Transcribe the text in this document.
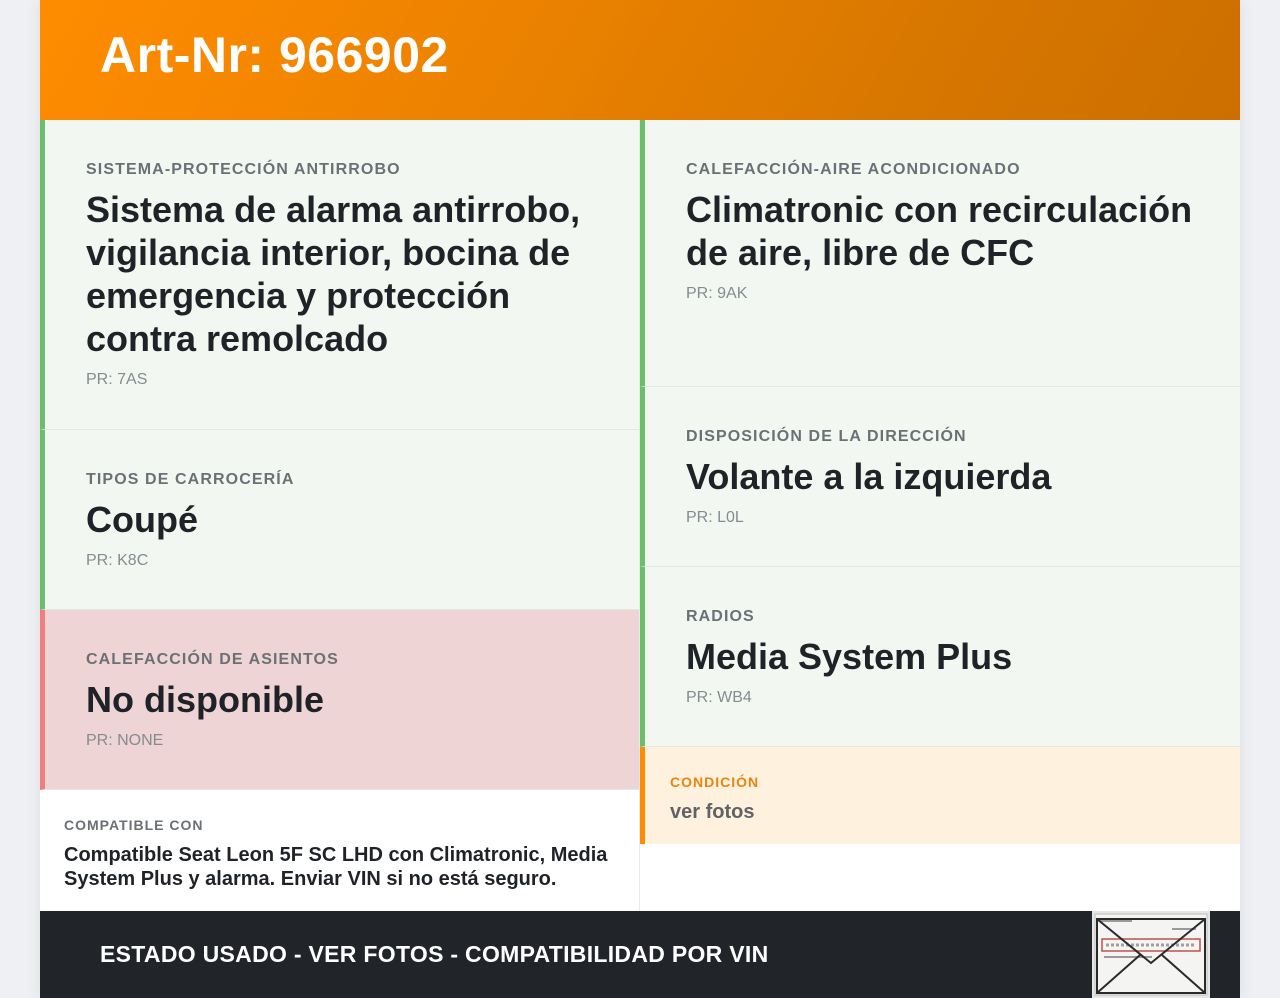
Art-Nr: 966902
SISTEMA-PROTECCIÓN ANTIRROBO
Sistema de alarma antirrobo, vigilancia interior, bocina de emergencia y protección contra remolcado
PR: 7AS
TIPOS DE CARROCERÍA
Coupé
PR: K8C
CALEFACCIÓN DE ASIENTOS
No disponible
PR: NONE
COMPATIBLE CON
Compatible Seat Leon 5F SC LHD con Climatronic, Media System Plus y alarma. Enviar VIN si no está seguro.
CALEFACCIÓN-AIRE ACONDICIONADO
Climatronic con recirculación de aire, libre de CFC
PR: 9AK
DISPOSICIÓN DE LA DIRECCIÓN
Volante a la izquierda
PR: L0L
RADIOS
Media System Plus
PR: WB4
CONDICIÓN
ver fotos
ESTADO USADO - VER FOTOS - COMPATIBILIDAD POR VIN
